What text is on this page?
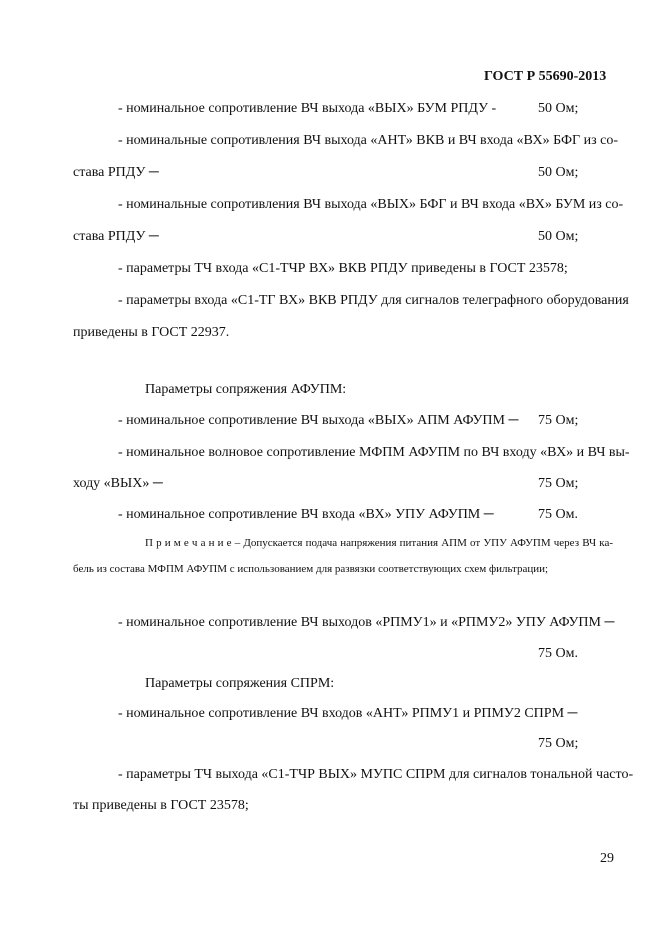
ГОСТ Р 55690-2013
- номинальное сопротивление ВЧ выхода «ВЫХ» БУМ РПДУ -	50 Ом;
- номинальные сопротивления ВЧ выхода «АНТ» ВКВ и ВЧ входа «ВХ» БФГ из со-
става РПДУ ─	50 Ом;
- номинальные сопротивления ВЧ выхода «ВЫХ» БФГ и ВЧ входа «ВХ» БУМ из со-
става РПДУ ─	50 Ом;
- параметры ТЧ входа «С1-ТЧР ВХ» ВКВ РПДУ приведены в ГОСТ 23578;
- параметры входа «С1-ТГ ВХ» ВКВ РПДУ для сигналов телеграфного оборудования
приведены в ГОСТ 22937.
Параметры сопряжения АФУПМ:
- номинальное сопротивление ВЧ выхода «ВЫХ» АПМ АФУПМ ─ 75 Ом;
- номинальное волновое сопротивление МФПМ АФУПМ по ВЧ входу «ВХ» и ВЧ вы-
ходу «ВЫХ» ─	75 Ом;
- номинальное сопротивление ВЧ входа «ВХ» УПУ АФУПМ ─	75 Ом.
П р и м е ч а н и е – Допускается подача напряжения питания АПМ от УПУ АФУПМ через ВЧ ка-
бель из состава МФПМ АФУПМ с использованием для развязки соответствующих схем фильтрации;
- номинальное сопротивление ВЧ выходов «РПМУ1» и «РПМУ2» УПУ АФУПМ ─
75 Ом.
Параметры сопряжения СПРМ:
- номинальное сопротивление ВЧ входов «АНТ» РПМУ1 и РПМУ2 СПРМ ─
75 Ом;
- параметры ТЧ выхода «С1-ТЧР ВЫХ» МУПС СПРМ для сигналов тональной часто-
ты приведены в ГОСТ 23578;
29
